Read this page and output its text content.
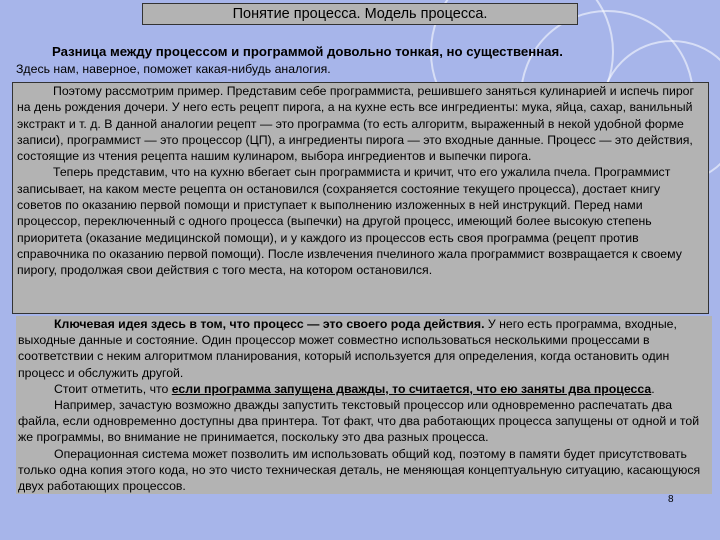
Понятие процесса. Модель процесса.
Разница между процессом и программой довольно тонкая, но существенная.
Здесь нам, наверное, поможет какая-нибудь аналогия.

Поэтому рассмотрим пример. Представим себе программиста, решившего заняться кулинарией и испечь пирог на день рождения дочери. У него есть рецепт пирога, а на кухне есть все ингредиенты: мука, яйца, сахар, ванильный экстракт и т. д. В данной аналогии рецепт — это программа (то есть алгоритм, выраженный в некой удобной форме записи), программист — это процессор (ЦП), а ингредиенты пирога — это входные данные. Процесс — это действия, состоящие из чтения рецепта нашим кулинаром, выбора ингредиентов и выпечки пирога.

Теперь представим, что на кухню вбегает сын программиста и кричит, что его ужалила пчела. Программист записывает, на каком месте рецепта он остановился (сохраняется состояние текущего процесса), достает книгу советов по оказанию первой помощи и приступает к выполнению изложенных в ней инструкций. Перед нами процессор, переключенный с одного процесса (выпечки) на другой процесс, имеющий более высокую степень приоритета (оказание медицинской помощи), и у каждого из процессов есть своя программа (рецепт против справочника по оказанию первой помощи). После извлечения пчелиного жала программист возвращается к своему пирогу, продолжая свои действия с того места, на котором остановился.

Ключевая идея здесь в том, что процесс — это своего рода действия. У него есть программа, входные, выходные данные и состояние. Один процессор может совместно использоваться несколькими процессами в соответствии с неким алгоритмом планирования, который используется для определения, когда остановить один процесс и обслужить другой.

Стоит отметить, что если программа запущена дважды, то считается, что ею заняты два процесса.

Например, зачастую возможно дважды запустить текстовый процессор или одновременно распечатать два файла, если одновременно доступны два принтера. Тот факт, что два работающих процесса запущены от одной и той же программы, во внимание не принимается, поскольку это два разных процесса.

Операционная система может позволить им использовать общий код, поэтому в памяти будет присутствовать только одна копия этого кода, но это чисто техническая деталь, не меняющая концептуальную ситуацию, касающуюся двух работающих процессов.

8
